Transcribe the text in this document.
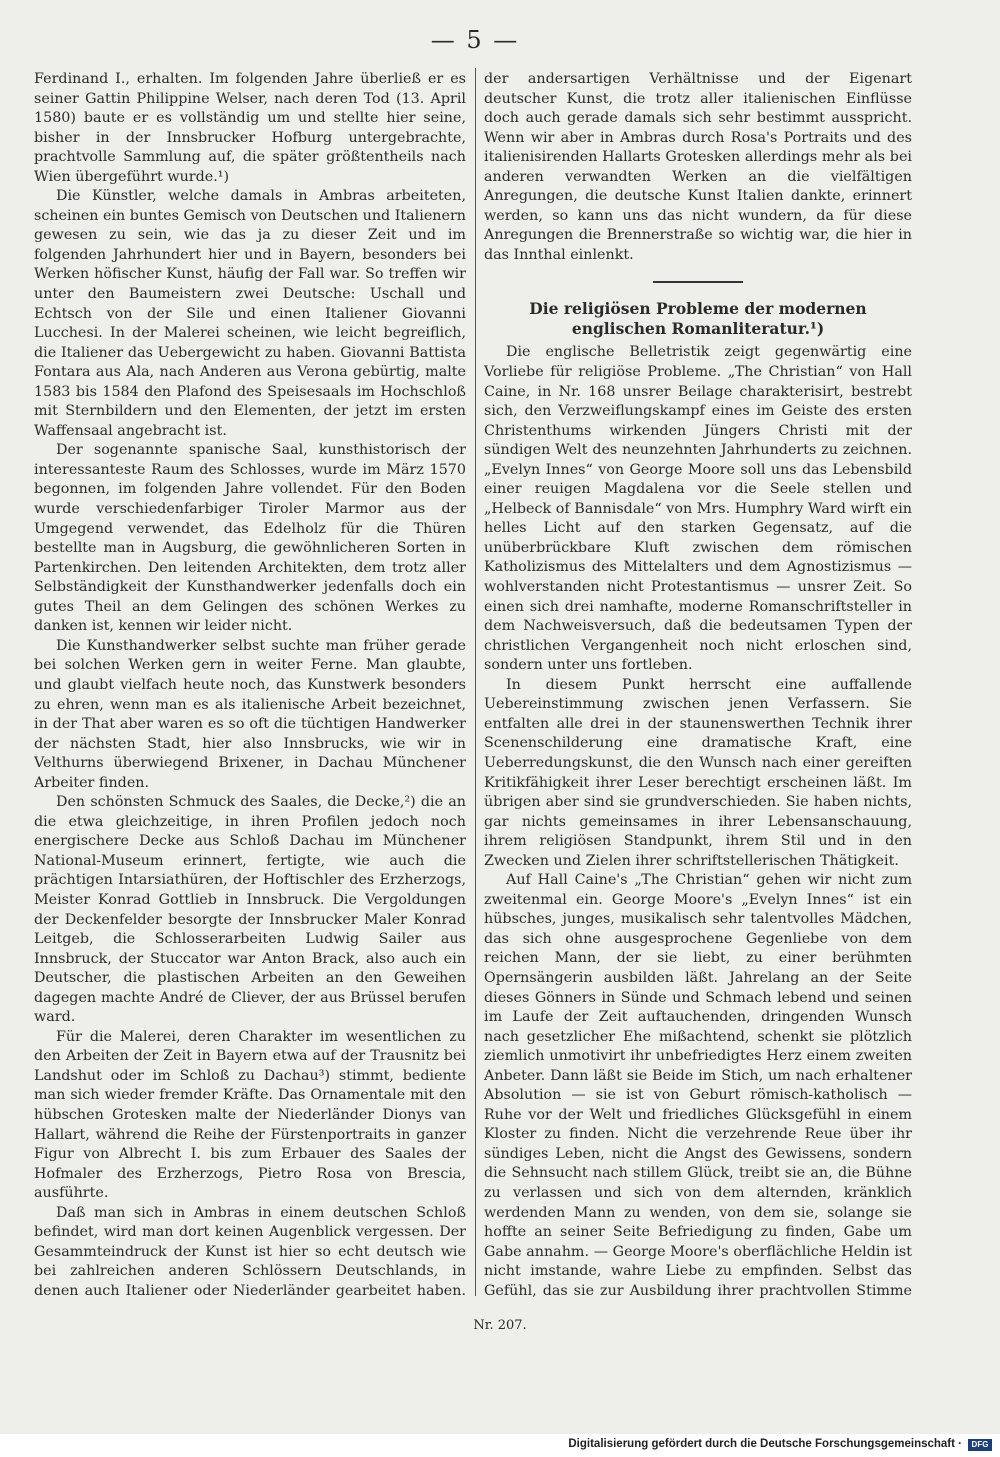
— 5 —

Ferdinand I., erhalten. Im folgenden Jahre überließ er es seiner Gattin Philippine Welser, nach deren Tod (13. April 1580) baute er es vollständig um und stellte hier seine, bisher in der Innsbrucker Hofburg untergebrachte, prachtvolle Sammlung auf, die später größtentheils nach Wien übergeführt wurde.¹)

Die Künstler, welche damals in Ambras arbeiteten, scheinen ein buntes Gemisch von Deutschen und Italienern gewesen zu sein, wie das ja zu dieser Zeit und im folgenden Jahrhundert hier und in Bayern, besonders bei Werken höfischer Kunst, häufig der Fall war. So treffen wir unter den Baumeistern zwei Deutsche: Uschall und Echtsch von der Sile und einen Italiener Giovanni Lucchesi. In der Malerei scheinen, wie leicht begreiflich, die Italiener das Uebergewicht zu haben. Giovanni Battista Fontara aus Ala, nach Anderen aus Verona gebürtig, malte 1583 bis 1584 den Plafond des Speisesaals im Hochschloß mit Sternbildern und den Elementen, der jetzt im ersten Waffensaal angebracht ist.

Der sogenannte spanische Saal, kunsthistorisch der interessanteste Raum des Schlosses, wurde im März 1570 begonnen, im folgenden Jahre vollendet. Für den Boden wurde verschiedenfarbiger Tiroler Marmor aus der Umgegend verwendet, das Edelholz für die Thüren bestellte man in Augsburg, die gewöhnlicheren Sorten in Partenkirchen. Den leitenden Architekten, dem trotz aller Selbständigkeit der Kunsthandwerker jedenfalls doch ein gutes Theil an dem Gelingen des schönen Werkes zu danken ist, kennen wir leider nicht.

Die Kunsthandwerker selbst suchte man früher gerade bei solchen Werken gern in weiter Ferne. Man glaubte, und glaubt vielfach heute noch, das Kunstwerk besonders zu ehren, wenn man es als italienische Arbeit bezeichnet, in der That aber waren es so oft die tüchtigen Handwerker der nächsten Stadt, hier also Innsbrucks, wie wir in Velthurns überwiegend Brixener, in Dachau Münchener Arbeiter finden.

Den schönsten Schmuck des Saales, die Decke,²) die an die etwa gleichzeitige, in ihren Profilen jedoch noch energischere Decke aus Schloß Dachau im Münchener National-Museum erinnert, fertigte, wie auch die prächtigen Intarsiathüren, der Hoftischler des Erzherzogs, Meister Konrad Gottlieb in Innsbruck. Die Vergoldungen der Deckenfelder besorgte der Innsbrucker Maler Konrad Leitgeb, die Schlosserarbeiten Ludwig Sailer aus Innsbruck, der Stuccator war Anton Brack, also auch ein Deutscher, die plastischen Arbeiten an den Geweihen dagegen machte André de Cliever, der aus Brüssel berufen ward.

Für die Malerei, deren Charakter im wesentlichen zu den Arbeiten der Zeit in Bayern etwa auf der Trausnitz bei Landshut oder im Schloß zu Dachau³) stimmt, bediente man sich wieder fremder Kräfte. Das Ornamentale mit den hübschen Grotesken malte der Niederländer Dionys van Hallart, während die Reihe der Fürstenportraits in ganzer Figur von Albrecht I. bis zum Erbauer des Saales der Hofmaler des Erzherzogs, Pietro Rosa von Brescia, ausführte.

Daß man sich in Ambras in einem deutschen Schloß befindet, wird man dort keinen Augenblick vergessen. Der Gesammteindruck der Kunst ist hier so echt deutsch wie bei zahlreichen anderen Schlössern Deutschlands, in denen auch Italiener oder Niederländer gearbeitet haben.

der andersartigen Verhältnisse und der Eigenart deutscher Kunst, die trotz aller italienischen Einflüsse doch auch gerade damals sich sehr bestimmt ausspricht. Wenn wir aber in Ambras durch Rosa's Portraits und des italienisirenden Hallarts Grotesken allerdings mehr als bei anderen verwandten Werken an die vielfältigen Anregungen, die deutsche Kunst Italien dankte, erinnert werden, so kann uns das nicht wundern, da für diese Anregungen die Brennerstraße so wichtig war, die hier in das Innthal einlenkt.

Die religiösen Probleme der modernen englischen Romanliteratur.¹)

Die englische Belletristik zeigt gegenwärtig eine Vorliebe für religiöse Probleme. „The Christian“ von Hall Caine, in Nr. 168 unsrer Beilage charakterisirt, bestrebt sich, den Verzweiflungskampf eines im Geiste des ersten Christenthums wirkenden Jüngers Christi mit der sündigen Welt des neunzehnten Jahrhunderts zu zeichnen. „Evelyn Innes“ von George Moore soll uns das Lebensbild einer reuigen Magdalena vor die Seele stellen und „Helbeck of Bannisdale“ von Mrs. Humphry Ward wirft ein helles Licht auf den starken Gegensatz, auf die unüberbrückbare Kluft zwischen dem römischen Katholizismus des Mittelalters und dem Agnostizismus — wohlverstanden nicht Protestantismus — unsrer Zeit. So einen sich drei namhafte, moderne Romanschriftsteller in dem Nachweisversuch, daß die bedeutsamen Typen der christlichen Vergangenheit noch nicht erloschen sind, sondern unter uns fortleben.

In diesem Punkt herrscht eine auffallende Uebereinstimmung zwischen jenen Verfassern. Sie entfalten alle drei in der staunenswerthen Technik ihrer Scenenschilderung eine dramatische Kraft, eine Ueberredungskunst, die den Wunsch nach einer gereiften Kritikfähigkeit ihrer Leser berechtigt erscheinen läßt. Im übrigen aber sind sie grundverschieden. Sie haben nichts, gar nichts gemeinsames in ihrer Lebensanschauung, ihrem religiösen Standpunkt, ihrem Stil und in den Zwecken und Zielen ihrer schriftstellerischen Thätigkeit.

Auf Hall Caine's „The Christian“ gehen wir nicht zum zweitenmal ein. George Moore's „Evelyn Innes“ ist ein hübsches, junges, musikalisch sehr talentvolles Mädchen, das sich ohne ausgesprochene Gegenliebe von dem reichen Mann, der sie liebt, zu einer berühmten Opernsängerin ausbilden läßt. Jahrelang an der Seite dieses Gönners in Sünde und Schmach lebend und seinen im Laufe der Zeit auftauchenden, dringenden Wunsch nach gesetzlicher Ehe mißachtend, schenkt sie plötzlich ziemlich unmotivirt ihr unbefriedigtes Herz einem zweiten Anbeter. Dann läßt sie Beide im Stich, um nach erhaltener Absolution — sie ist von Geburt römisch-katholisch — Ruhe vor der Welt und friedliches Glücksgefühl in einem Kloster zu finden. Nicht die verzehrende Reue über ihr sündiges Leben, nicht die Angst des Gewissens, sondern die Sehnsucht nach stillem Glück, treibt sie an, die Bühne zu verlassen und sich von dem alternden, kränklich werdenden Mann zu wenden, von dem sie, solange sie hoffte an seiner Seite Befriedigung zu finden, Gabe um Gabe annahm. — George Moore's oberflächliche Heldin ist nicht imstande, wahre Liebe zu empfinden. Selbst das Gefühl, das sie zur Ausbildung ihrer prachtvollen Stimme

Nr. 207.
Digitalisierung gefördert durch die Deutsche Forschungsgemeinschaft ·	DFG
